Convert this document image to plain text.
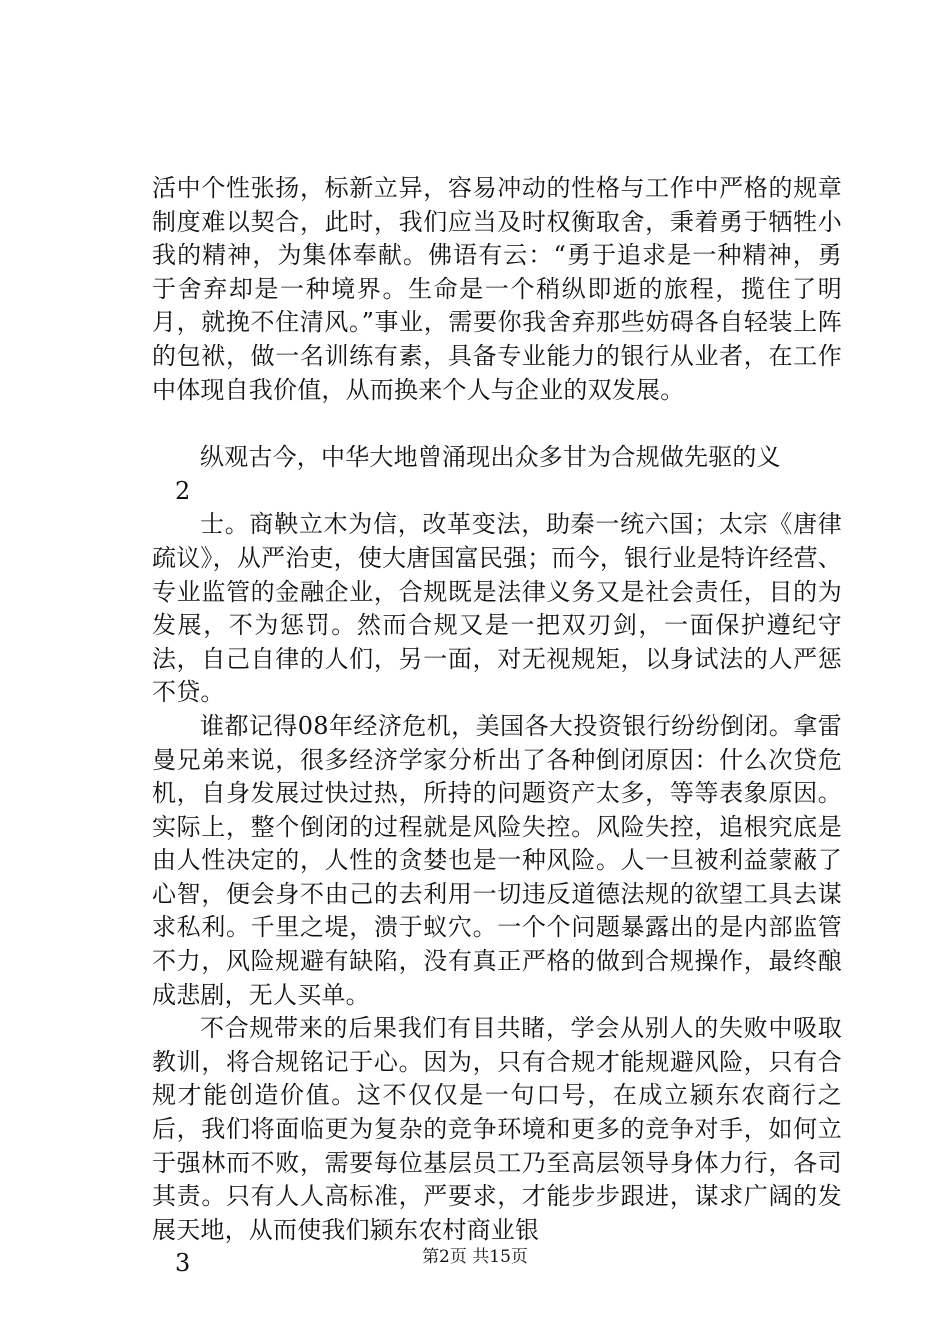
活中个性张扬，标新立异，容易冲动的性格与工作中严格的规章制度难以契合，此时，我们应当及时权衡取舍，秉着勇于牺牲小我的精神，为集体奉献。佛语有云：“勇于追求是一种精神，勇于舍弃却是一种境界。生命是一个稍纵即逝的旅程，揽住了明月，就挽不住清风。”事业，需要你我舍弃那些妨碍各自轻装上阵的包袱，做一名训练有素，具备专业能力的银行从业者，在工作中体现自我价值，从而换来个人与企业的双发展。

纵观古今，中华大地曾涌现出众多甘为合规做先驱的义

2

士。商鞅立木为信，改革变法，助秦一统六国；太宗《唐律疏议》，从严治吏，使大唐国富民强；而今，银行业是特许经营、专业监管的金融企业，合规既是法律义务又是社会责任，目的为发展，不为惩罚。然而合规又是一把双刃剑，一面保护遵纪守法，自己自律的人们，另一面，对无视规矩，以身试法的人严惩不贷。

谁都记得08年经济危机，美国各大投资银行纷纷倒闭。拿雷曼兄弟来说，很多经济学家分析出了各种倒闭原因：什么次贷危机，自身发展过快过热，所持的问题资产太多，等等表象原因。实际上，整个倒闭的过程就是风险失控。风险失控，追根究底是由人性决定的，人性的贪婪也是一种风险。人一旦被利益蒙蔽了心智，便会身不由己的去利用一切违反道德法规的欲望工具去谋求私利。千里之堤，溃于蚁穴。一个个问题暴露出的是内部监管不力，风险规避有缺陷，没有真正严格的做到合规操作，最终酿成悲剧，无人买单。

不合规带来的后果我们有目共睹，学会从别人的失败中吸取教训，将合规铭记于心。因为，只有合规才能规避风险，只有合规才能创造价值。这不仅仅是一句口号，在成立颍东农商行之后，我们将面临更为复杂的竞争环境和更多的竞争对手，如何立于强林而不败，需要每位基层员工乃至高层领导身体力行，各司其责。只有人人高标准，严要求，才能步步跟进，谋求广阔的发展天地，从而使我们颍东农村商业银

3	第2页 共15页
